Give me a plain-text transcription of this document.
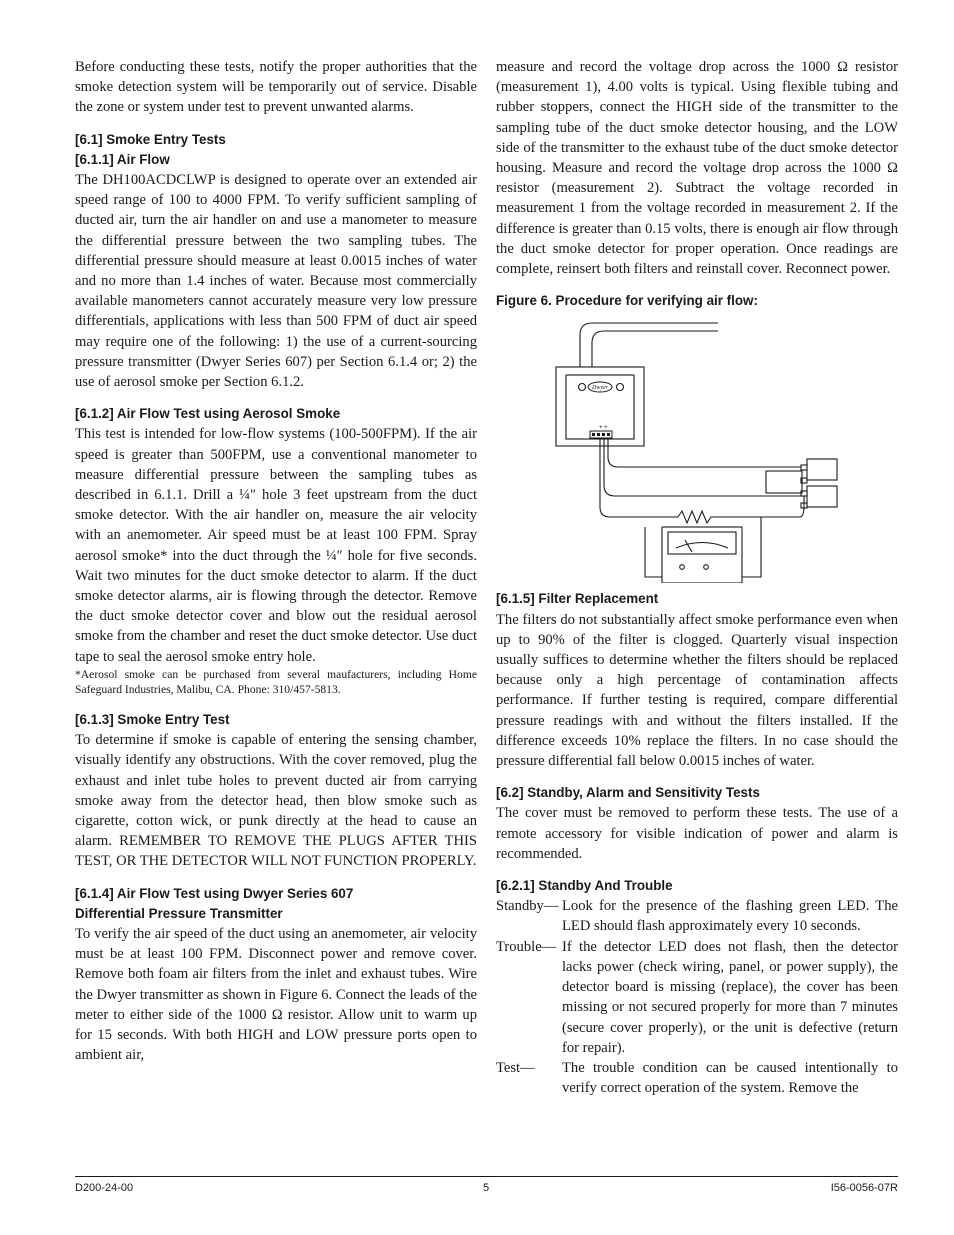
Before conducting these tests, notify the proper authorities that the smoke detection system will be temporarily out of service. Disable the zone or system under test to prevent unwanted alarms.

[6.1] Smoke Entry Tests
[6.1.1] Air Flow

The DH100ACDCLWP is designed to operate over an extended air speed range of 100 to 4000 FPM. To verify sufficient sampling of ducted air, turn the air handler on and use a manometer to measure the differential pressure between the two sampling tubes. The differential pressure should measure at least 0.0015 inches of water and no more than 1.4 inches of water. Because most commercially available manometers cannot accurately measure very low pressure differentials, applications with less than 500 FPM of duct air speed may require one of the following: 1) the use of a current-sourcing pressure transmitter (Dwyer Series 607) per Section 6.1.4 or; 2) the use of aerosol smoke per Section 6.1.2.

[6.1.2] Air Flow Test using Aerosol Smoke

This test is intended for low-flow systems (100-500FPM). If the air speed is greater than 500FPM, use a conventional manometer to measure differential pressure between the sampling tubes as described in 6.1.1. Drill a ¼″ hole 3 feet upstream from the duct smoke detector. With the air handler on, measure the air velocity with an anemometer. Air speed must be at least 100 FPM. Spray aerosol smoke* into the duct through the ¼″ hole for five seconds. Wait two minutes for the duct smoke detector to alarm. If the duct smoke detector alarms, air is flowing through the detector. Remove the duct smoke detector cover and blow out the residual aerosol smoke from the chamber and reset the duct smoke detector. Use duct tape to seal the aerosol smoke entry hole.

*Aerosol smoke can be purchased from several maufacturers, including Home Safeguard Industries, Malibu, CA. Phone: 310/457-5813.

[6.1.3] Smoke Entry Test

To determine if smoke is capable of entering the sensing chamber, visually identify any obstructions. With the cover removed, plug the exhaust and inlet tube holes to prevent ducted air from carrying smoke away from the detector head, then blow smoke such as cigarette, cotton wick, or punk directly at the head to cause an alarm. REMEMBER TO REMOVE THE PLUGS AFTER THIS TEST, OR THE DETECTOR WILL NOT FUNCTION PROPERLY.

[6.1.4] Air Flow Test using Dwyer Series 607
Differential Pressure Transmitter

To verify the air speed of the duct using an anemometer, air velocity must be at least 100 FPM. Disconnect power and remove cover. Remove both foam air filters from the inlet and exhaust tubes. Wire the Dwyer transmitter as shown in Figure 6. Connect the leads of the meter to either side of the 1000 Ω resistor. Allow unit to warm up for 15 seconds. With both HIGH and LOW pressure ports open to ambient air,

measure and record the voltage drop across the 1000 Ω resistor (measurement 1), 4.00 volts is typical. Using flexible tubing and rubber stoppers, connect the HIGH side of the transmitter to the sampling tube of the duct smoke detector housing, and the LOW side of the transmitter to the exhaust tube of the duct smoke detector housing. Measure and record the voltage drop across the 1000 Ω resistor (measurement 2). Subtract the voltage recorded in measurement 1 from the voltage recorded in measurement 2. If the difference is greater than 0.15 volts, there is enough air flow through the duct smoke detector for proper operation. Once readings are complete, reinsert both filters and reinstall cover. Reconnect power.

Figure 6. Procedure for verifying air flow:
+ +
Dwyer
[6.1.5] Filter Replacement

The filters do not substantially affect smoke performance even when up to 90% of the filter is clogged. Quarterly visual inspection usually suffices to determine whether the filters should be replaced because only a high percentage of contamination affects performance. If further testing is required, compare differential pressure readings with and without the filters installed. If the difference exceeds 10% replace the filters. In no case should the pressure differential fall below 0.0015 inches of water.

[6.2] Standby, Alarm and Sensitivity Tests

The cover must be removed to perform these tests. The use of a remote accessory for visible indication of power and alarm is recommended.

[6.2.1] Standby And Trouble
Standby— Look for the presence of the flashing green LED. The LED should flash approximately every 10 seconds.
Trouble— If the detector LED does not flash, then the detector lacks power (check wiring, panel, or power supply), the detector board is missing (replace), the cover has been missing or not secured properly for more than 7 minutes (secure cover properly), or the unit is defective (return for repair).
Test—	The trouble condition can be caused intentionally to verify correct operation of the system. Remove the
D200-24-00	5	I56-0056-07R
